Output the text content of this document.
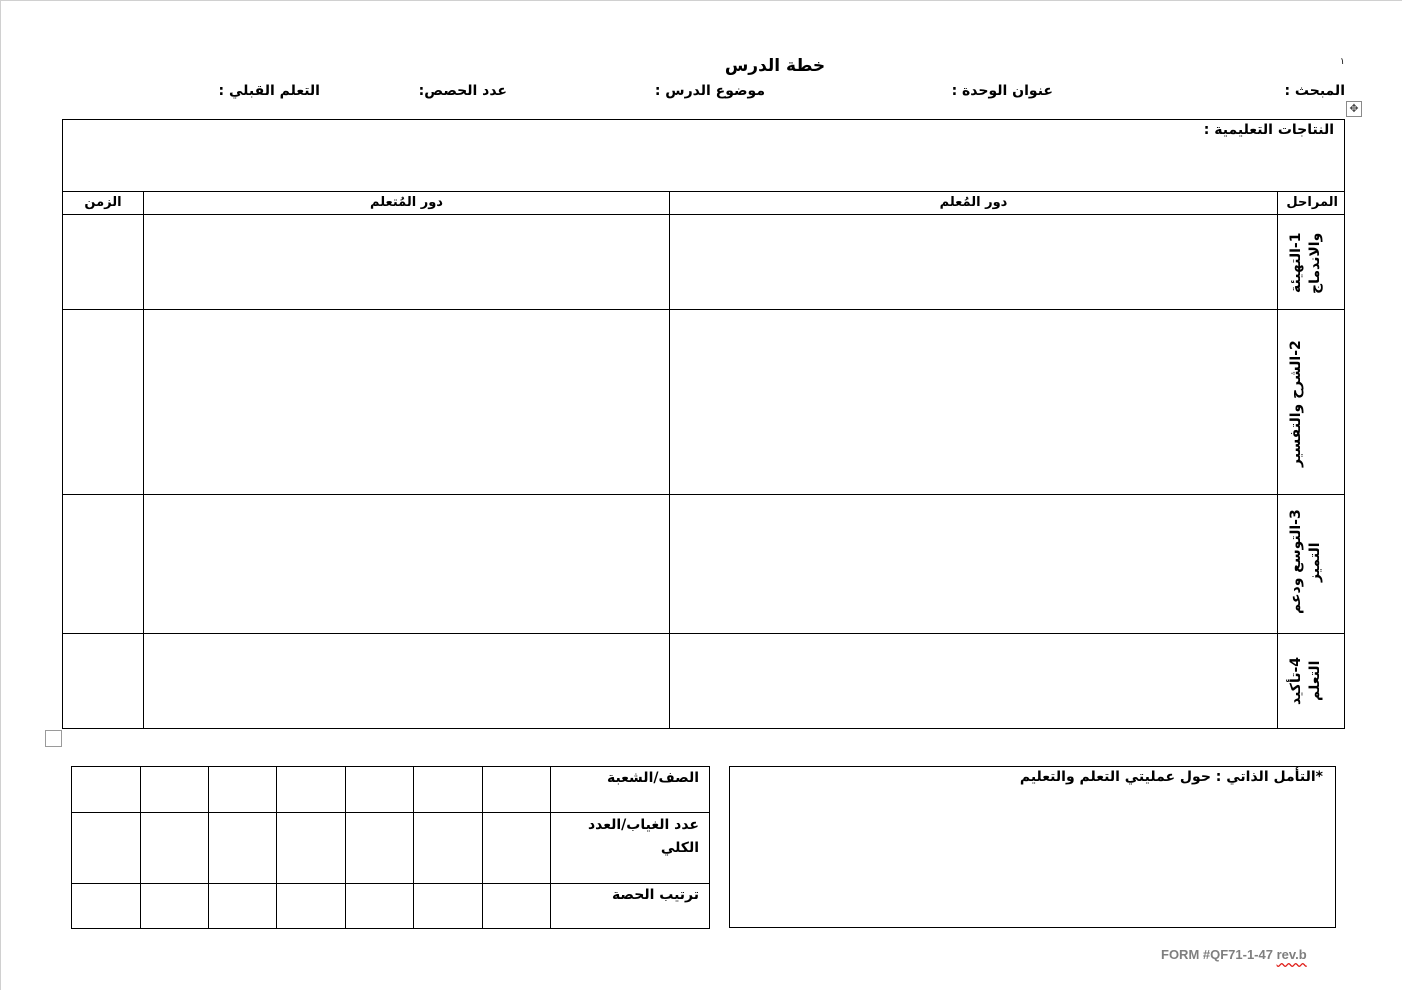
١
خطة الدرس
المبحث :
عنوان الوحدة :
موضوع الدرس :
عدد الحصص:
التعلم القبلي :
✥
النتاجات التعليمية :
المراحل
دور المُعلم
دور المُتعلم
الزمن
1-التهيئة والاندماج
2-الشرح والتفسير
3-التوسع ودعم التميز
4-تأكيد التعلم
الصف/الشعبة
عدد الغياب/العدد الكلي
ترتيب الحصة
*التأمل الذاتي : حول عمليتي التعلم والتعليم
FORM #QF71-1-47 rev.b
